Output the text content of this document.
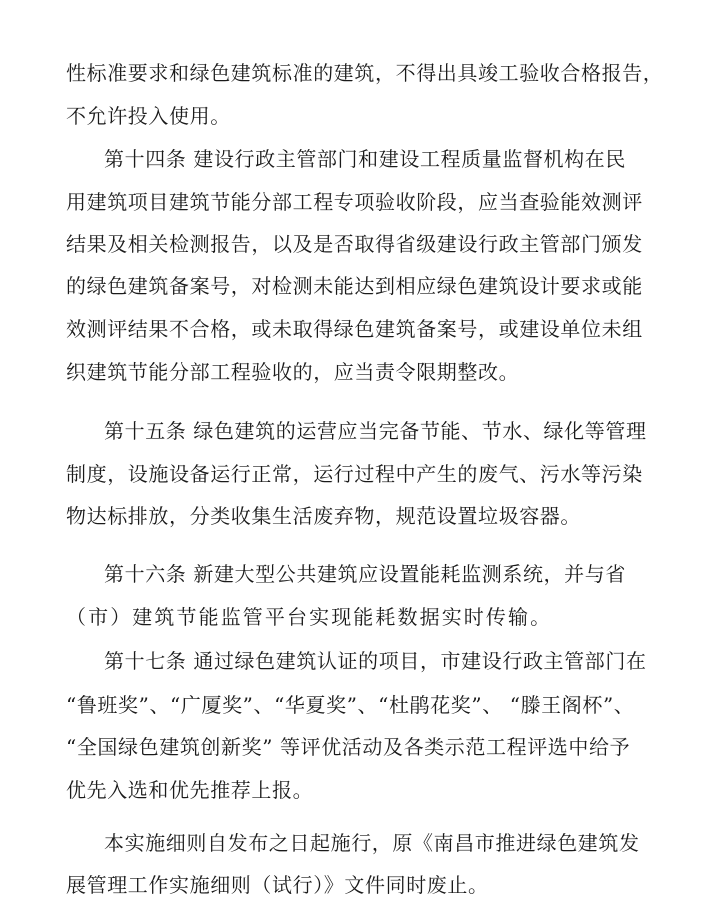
性标准要求和绿色建筑标准的建筑，不得出具竣工验收合格报告，
不允许投入使用。
第十四条 建设行政主管部门和建设工程质量监督机构在民
用建筑项目建筑节能分部工程专项验收阶段，应当查验能效测评
结果及相关检测报告，以及是否取得省级建设行政主管部门颁发
的绿色建筑备案号，对检测未能达到相应绿色建筑设计要求或能
效测评结果不合格，或未取得绿色建筑备案号，或建设单位未组
织建筑节能分部工程验收的，应当责令限期整改。
第十五条 绿色建筑的运营应当完备节能、节水、绿化等管理
制度，设施设备运行正常，运行过程中产生的废气、污水等污染
物达标排放，分类收集生活废弃物，规范设置垃圾容器。
第十六条 新建大型公共建筑应设置能耗监测系统，并与省
（市）建筑节能监管平台实现能耗数据实时传输。
第十七条 通过绿色建筑认证的项目，市建设行政主管部门在
“鲁班奖”、“广厦奖”、“华夏奖”、“杜鹃花奖”、 “滕王阁杯”、
“全国绿色建筑创新奖” 等评优活动及各类示范工程评选中给予
优先入选和优先推荐上报。
本实施细则自发布之日起施行，原《南昌市推进绿色建筑发
展管理工作实施细则（试行）》文件同时废止。
